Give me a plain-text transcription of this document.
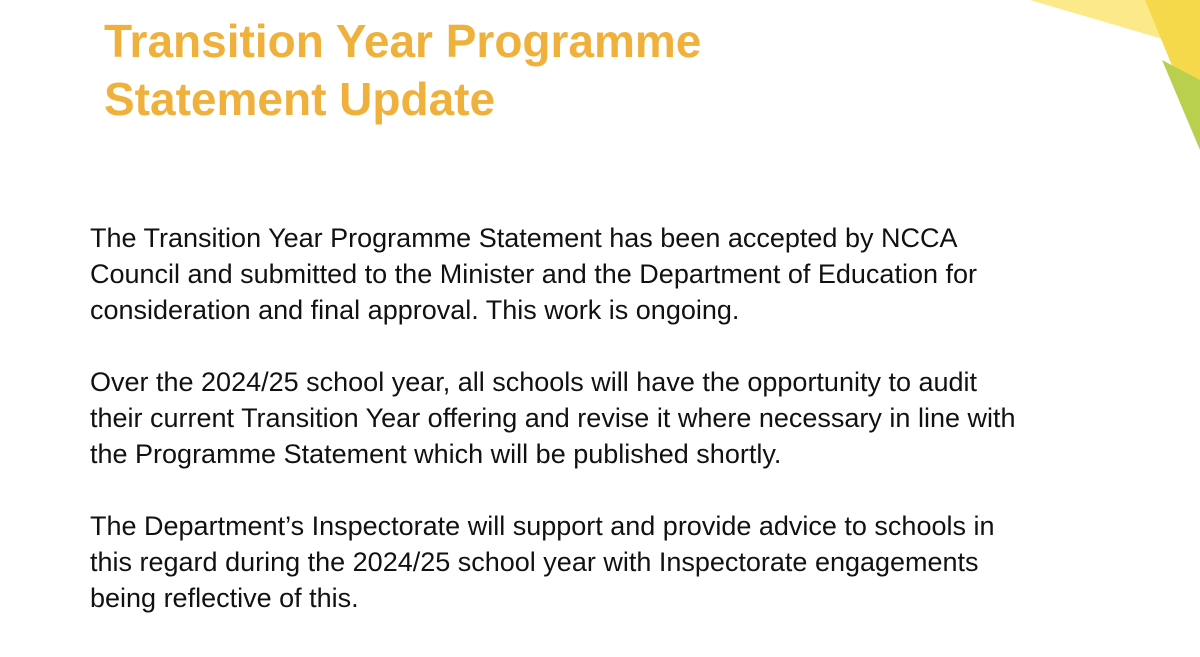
Transition Year Programme
Statement Update

The Transition Year Programme Statement has been accepted by NCCA
Council and submitted to the Minister and the Department of Education for
consideration and final approval. This work is ongoing.

Over the 2024/25 school year, all schools will have the opportunity to audit
their current Transition Year offering and revise it where necessary in line with
the Programme Statement which will be published shortly.

The Department’s Inspectorate will support and provide advice to schools in
this regard during the 2024/25 school year with Inspectorate engagements
being reflective of this.
